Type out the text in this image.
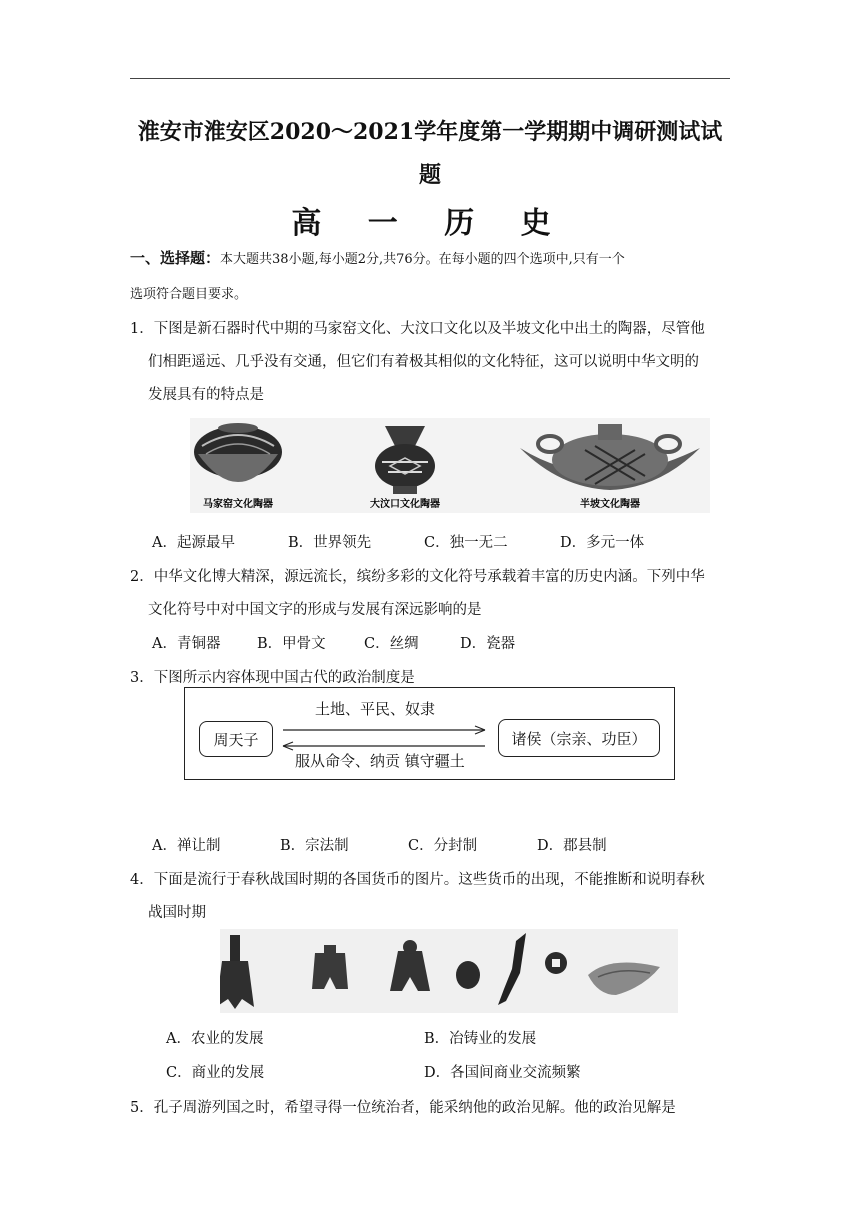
淮安市淮安区2020～2021学年度第一学期期中调研测试试
题
高 一 历 史
一、选择题：本大题共38小题,每小题2分,共76分。在每小题的四个选项中,只有一个
选项符合题目要求。
1．下图是新石器时代中期的马家窑文化、大汶口文化以及半坡文化中出土的陶器，尽管他
们相距遥远、几乎没有交通，但它们有着极其相似的文化特征，这可以说明中华文明的
发展具有的特点是
马家窑文化陶器	大汶口文化陶器	半坡文化陶器
A．起源最早	B．世界领先	C．独一无二	D．多元一体
2．中华文化博大精深，源远流长，缤纷多彩的文化符号承载着丰富的历史内涵。下列中华
文化符号中对中国文字的形成与发展有深远影响的是
A．青铜器	B．甲骨文	C．丝绸	D．瓷器
3．下图所示内容体现中国古代的政治制度是
周天子	诸侯（宗亲、功臣）
土地、平民、奴隶
服从命令、纳贡 镇守疆土
A．禅让制	B．宗法制	C．分封制	D．郡县制
4．下面是流行于春秋战国时期的各国货币的图片。这些货币的出现，不能推断和说明春秋
战国时期
A．农业的发展	B．冶铸业的发展
C．商业的发展	D．各国间商业交流频繁
5．孔子周游列国之时，希望寻得一位统治者，能采纳他的政治见解。他的政治见解是
